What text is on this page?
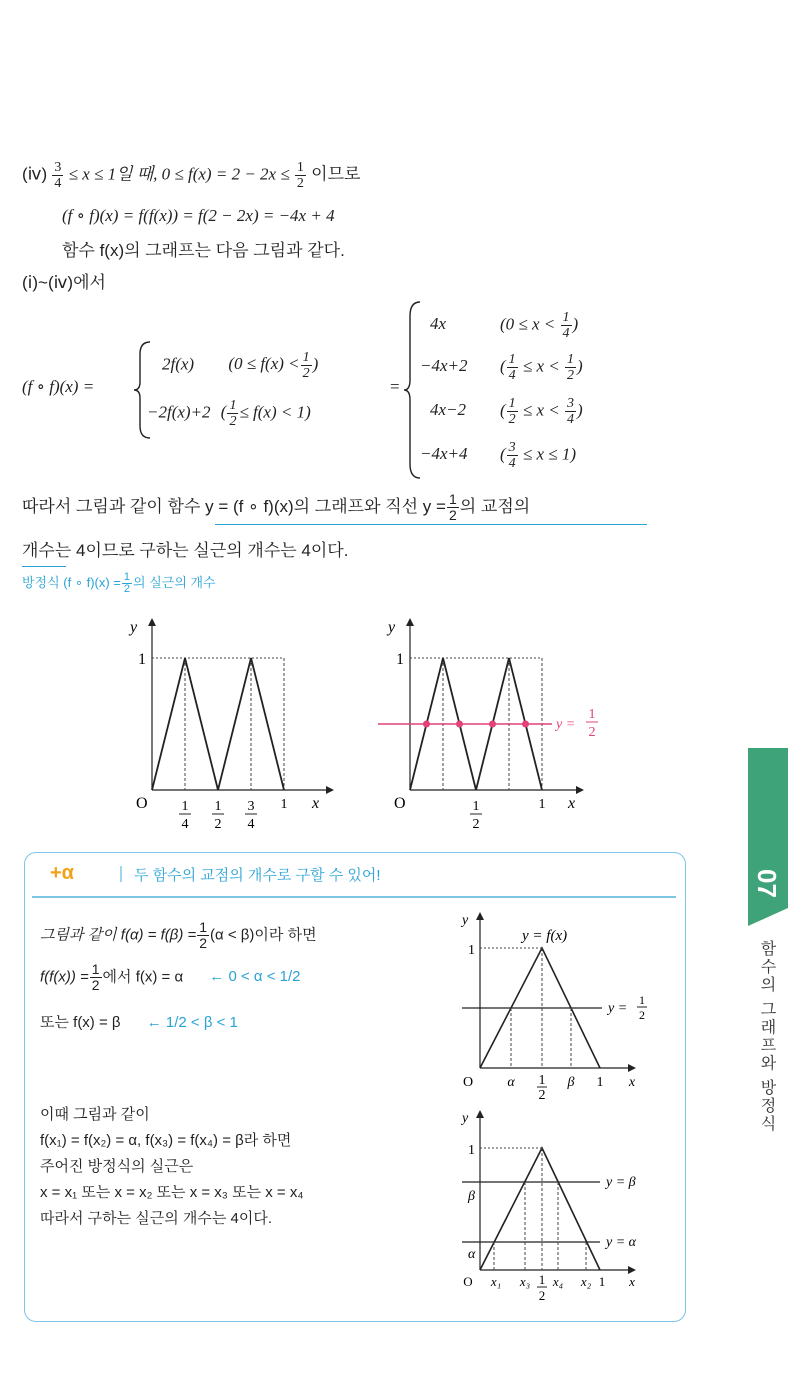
(ⅳ) $\frac{3}{4} \le x \le 1$일 때, $0 \le f(x) = 2 - 2x \le \frac{1}{2}$ 이므로
(f ∘ f)(x) = f(f(x)) = f(2 − 2x) = −4x + 4
함수 f(x)의 그래프는 다음 그림과 같다.
(ⅰ)~(ⅳ)에서
(f ∘ f)(x) =
2f(x) ($0 \le f(x) < \frac{1}{2}$ )
−2f(x)+2 ( $\frac{1}{2} \le f(x) < 1$)
=
4x	($0 \le x < \frac{1}{4}$ )
−4x+2 ( $\frac{1}{4} \le x < \frac{1}{2}$ )
4x−2 ( $\frac{1}{2} \le x < \frac{3}{4}$ )
−4x+4 ( $\frac{3}{4} \le x \le 1$)
따라서 그림과 같이 함수 y = (f ∘ f)(x)의 그래프와 직선 $y = \frac{1}{2}$ 의 교점의
개수는 4이므로 구하는 실근의 개수는 4이다.
방정식 (f ∘ $f)(x) = \frac{1}{2}$ 의 실근의 개수
y
x
O
1
1
4
1
2
3
4
1
y
x
O
1
y =
1
2
1
2
1
07
함수의 그래프와 방정식
+α	두 함수의 교점의 개수로 구할 수 있어!
그림과 같이 $f(\alpha) = f(\beta) = \frac{1}{2} (\alpha < \beta)$이라 하면
$f(f(x)) = \frac{1}{2}$ 에서 f(x) = α ← 0 < α < 1/2
또는 f(x) = β ← 1/2 < β < 1
이때 그림과 같이
f(x₁) = f(x₂) = α, f(x₃) = f(x₄) = β라 하면
주어진 방정식의 실근은
x = x₁ 또는 x = x₂ 또는 x = x₃ 또는 x = x₄
따라서 구하는 실근의 개수는 4이다.
y
y = f(x)
1
y =
1
2
O α 1
2
β 1 x
y
1
β
α
y = β
y = α
O x₁ x₃ 1
2
x₄ x₂ 1 x
